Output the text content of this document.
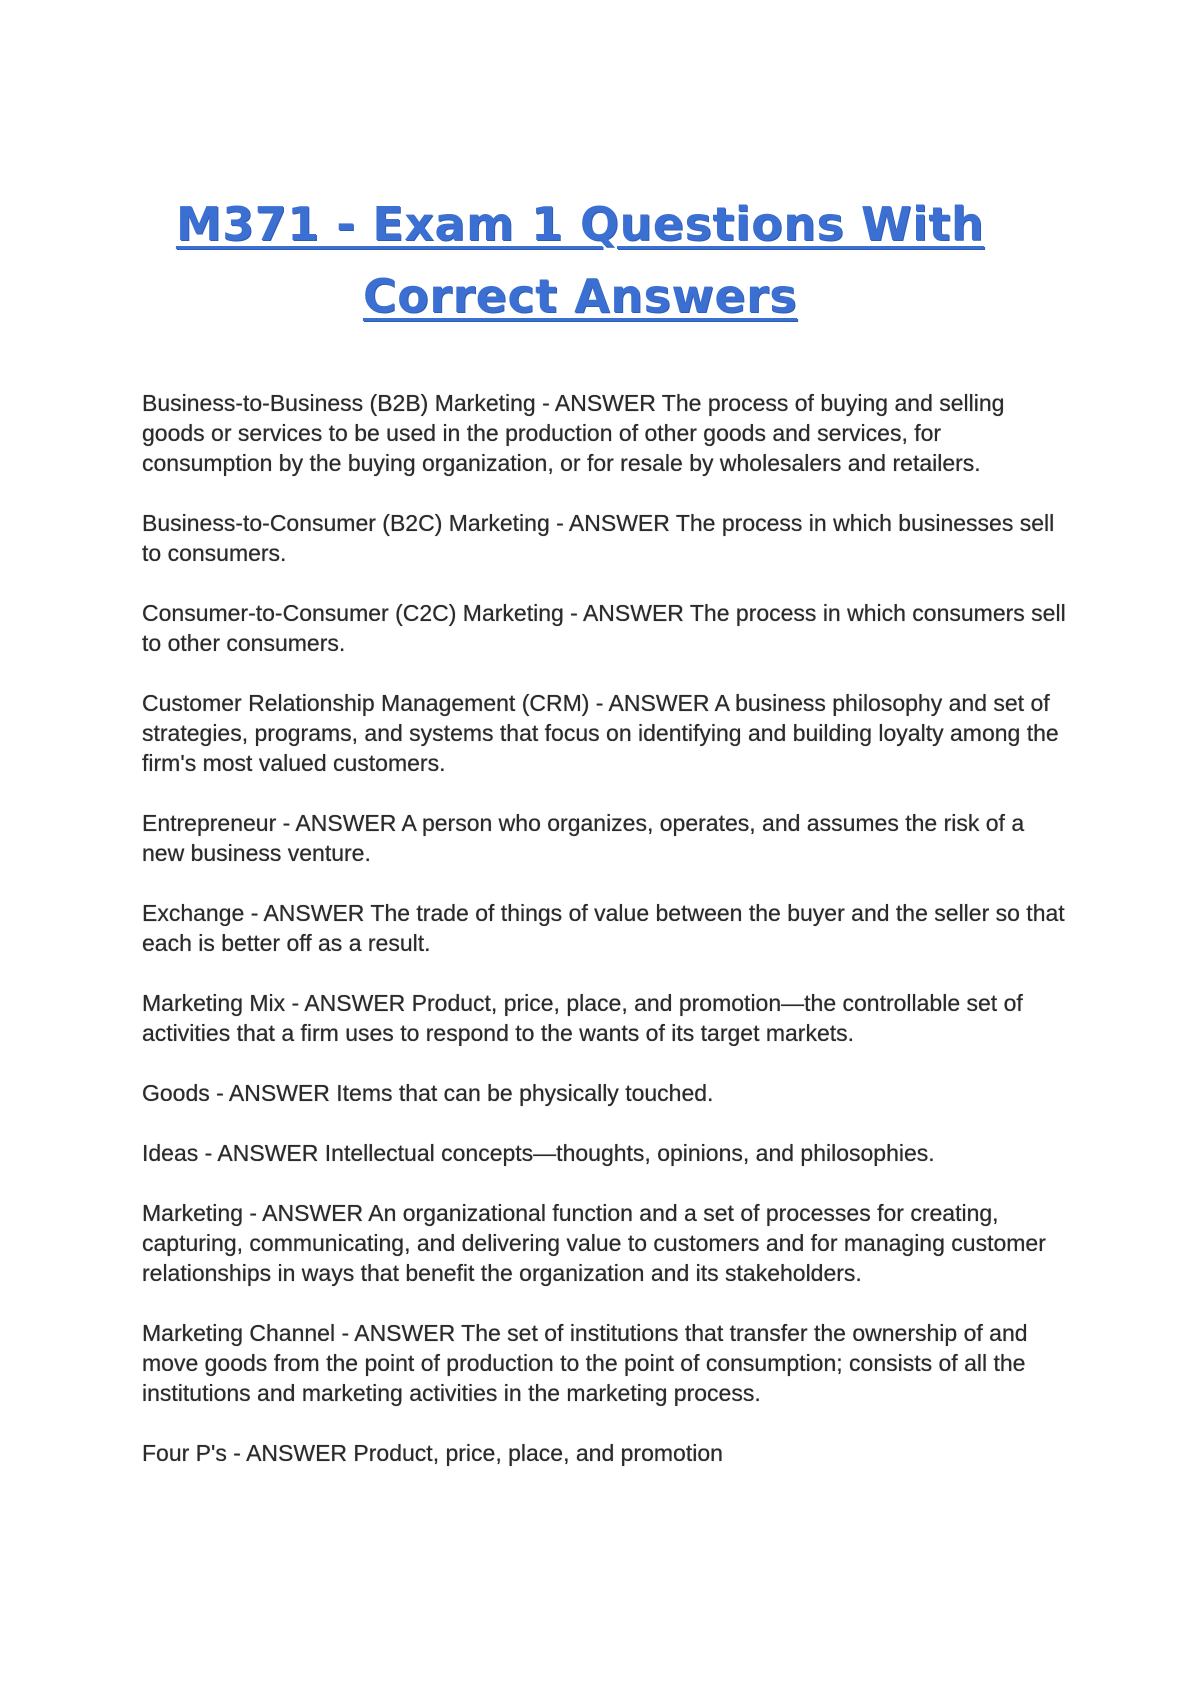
M371 - Exam 1 Questions With
Correct Answers
Business-to-Business (B2B) Marketing - ANSWER The process of buying and selling goods or services to be used in the production of other goods and services, for consumption by the buying organization, or for resale by wholesalers and retailers.
Business-to-Consumer (B2C) Marketing - ANSWER The process in which businesses sell to consumers.
Consumer-to-Consumer (C2C) Marketing - ANSWER The process in which consumers sell to other consumers.
Customer Relationship Management (CRM) - ANSWER A business philosophy and set of strategies, programs, and systems that focus on identifying and building loyalty among the firm's most valued customers.
Entrepreneur - ANSWER A person who organizes, operates, and assumes the risk of a new business venture.
Exchange - ANSWER The trade of things of value between the buyer and the seller so that each is better off as a result.
Marketing Mix - ANSWER Product, price, place, and promotion—the controllable set of activities that a firm uses to respond to the wants of its target markets.
Goods - ANSWER Items that can be physically touched.
Ideas - ANSWER Intellectual concepts—thoughts, opinions, and philosophies.
Marketing - ANSWER An organizational function and a set of processes for creating, capturing, communicating, and delivering value to customers and for managing customer relationships in ways that benefit the organization and its stakeholders.
Marketing Channel - ANSWER The set of institutions that transfer the ownership of and move goods from the point of production to the point of consumption; consists of all the institutions and marketing activities in the marketing process.
Four P's - ANSWER Product, price, place, and promotion
